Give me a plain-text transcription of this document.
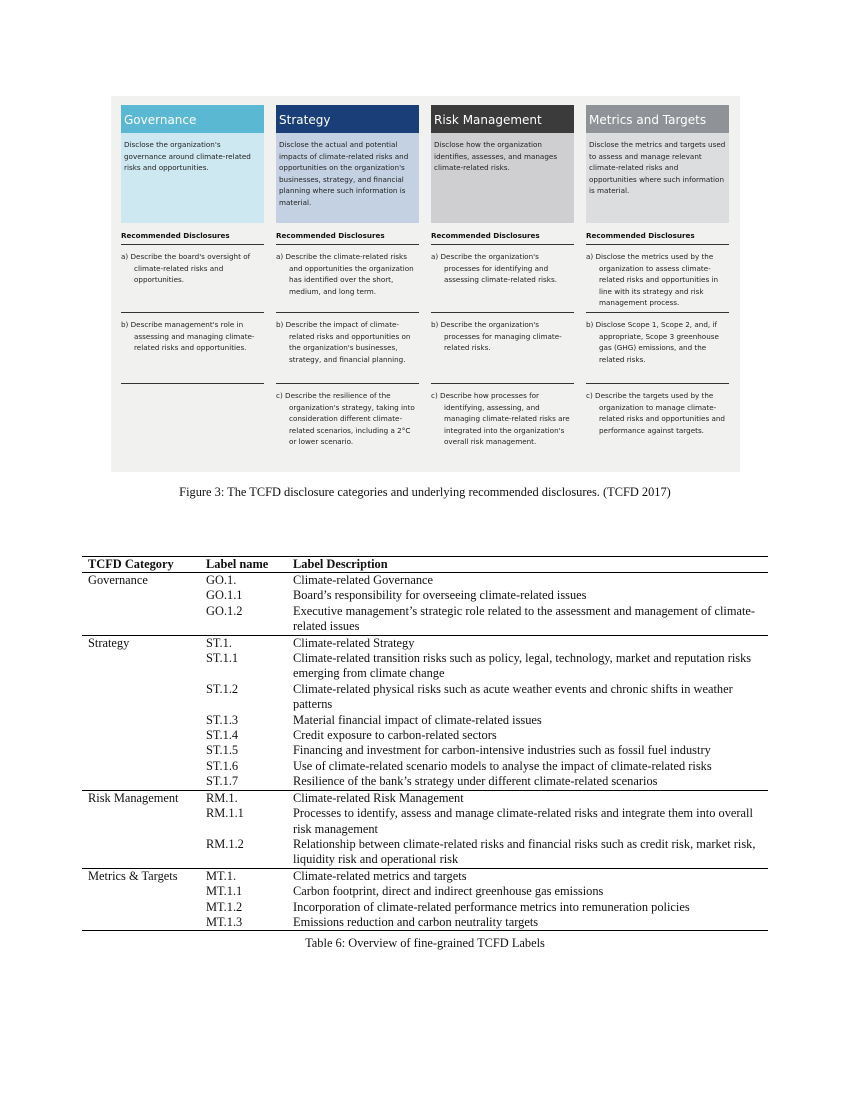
Governance
Disclose the organization's governance around climate-related risks and opportunities.
Recommended Disclosures
a) Describe the board's oversight of climate-related risks and opportunities.
b) Describe management's role in assessing and managing climate-related risks and opportunities.
Strategy
Disclose the actual and potential impacts of climate-related risks and opportunities on the organization's businesses, strategy, and financial planning where such information is material.
Recommended Disclosures
a) Describe the climate-related risks and opportunities the organization has identified over the short, medium, and long term.
b) Describe the impact of climate-related risks and opportunities on the organization's businesses, strategy, and financial planning.
c) Describe the resilience of the organization's strategy, taking into consideration different climate-related scenarios, including a 2°C or lower scenario.
Risk Management
Disclose how the organization identifies, assesses, and manages climate-related risks.
Recommended Disclosures
a) Describe the organization's processes for identifying and assessing climate-related risks.
b) Describe the organization's processes for managing climate-related risks.
c) Describe how processes for identifying, assessing, and managing climate-related risks are integrated into the organization's overall risk management.
Metrics and Targets
Disclose the metrics and targets used to assess and manage relevant climate-related risks and opportunities where such information is material.
Recommended Disclosures
a) Disclose the metrics used by the organization to assess climate-related risks and opportunities in line with its strategy and risk management process.
b) Disclose Scope 1, Scope 2, and, if appropriate, Scope 3 greenhouse gas (GHG) emissions, and the related risks.
c) Describe the targets used by the organization to manage climate-related risks and opportunities and performance against targets.
Figure 3: The TCFD disclosure categories and underlying recommended disclosures. (TCFD 2017)
TCFD Category	Label name	Label Description
Governance	GO.1.	Climate-related Governance
	GO.1.1	Board’s responsibility for overseeing climate-related issues
	GO.1.2	Executive management’s strategic role related to the assessment and management of climate-related issues
Strategy	ST.1.	Climate-related Strategy
	ST.1.1	Climate-related transition risks such as policy, legal, technology, market and reputation risks emerging from climate change
	ST.1.2	Climate-related physical risks such as acute weather events and chronic shifts in weather patterns
	ST.1.3	Material financial impact of climate-related issues
	ST.1.4	Credit exposure to carbon-related sectors
	ST.1.5	Financing and investment for carbon-intensive industries such as fossil fuel industry
	ST.1.6	Use of climate-related scenario models to analyse the impact of climate-related risks
	ST.1.7	Resilience of the bank’s strategy under different climate-related scenarios
Risk Management	RM.1.	Climate-related Risk Management
	RM.1.1	Processes to identify, assess and manage climate-related risks and integrate them into overall risk management
	RM.1.2	Relationship between climate-related risks and financial risks such as credit risk, market risk, liquidity risk and operational risk
Metrics & Targets	MT.1.	Climate-related metrics and targets
	MT.1.1	Carbon footprint, direct and indirect greenhouse gas emissions
	MT.1.2	Incorporation of climate-related performance metrics into remuneration policies
	MT.1.3	Emissions reduction and carbon neutrality targets
Table 6: Overview of fine-grained TCFD Labels
